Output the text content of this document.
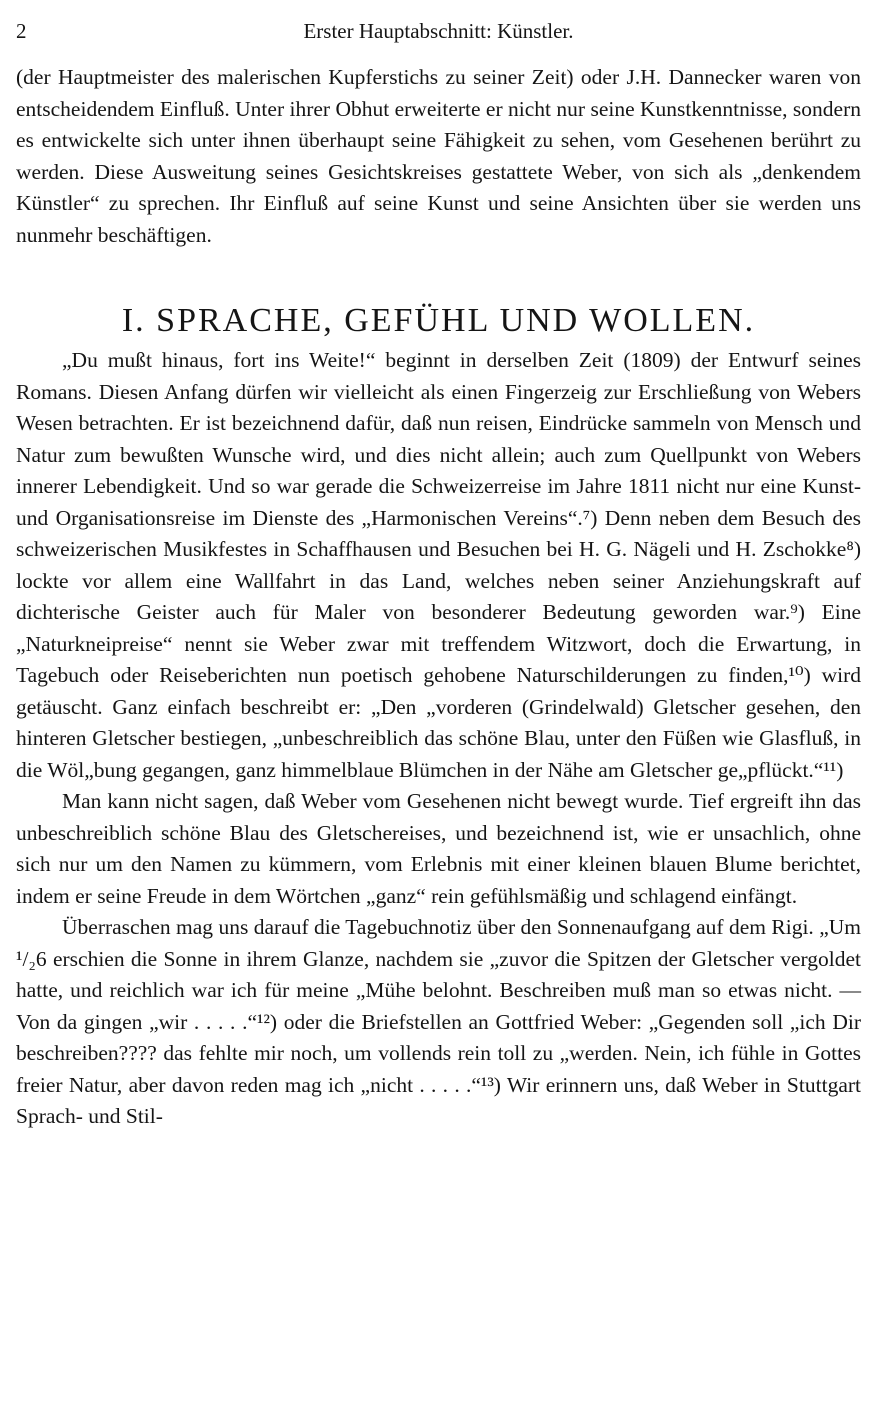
2	Erster Hauptabschnitt: Künstler.

(der Hauptmeister des malerischen Kupferstichs zu seiner Zeit) oder J.H. Dannecker waren von entscheidendem Einfluß. Unter ihrer Obhut erweiterte er nicht nur seine Kunstkenntnisse, sondern es entwickelte sich unter ihnen überhaupt seine Fähigkeit zu sehen, vom Gesehenen berührt zu werden. Diese Ausweitung seines Gesichtskreises gestattete Weber, von sich als „denkendem Künstler“ zu sprechen. Ihr Einfluß auf seine Kunst und seine Ansichten über sie werden uns nunmehr beschäftigen.

I. SPRACHE, GEFÜHL UND WOLLEN.

„Du mußt hinaus, fort ins Weite!“ beginnt in derselben Zeit (1809) der Entwurf seines Romans. Diesen Anfang dürfen wir vielleicht als einen Fingerzeig zur Erschließung von Webers Wesen betrachten. Er ist bezeichnend dafür, daß nun reisen, Eindrücke sammeln von Mensch und Natur zum bewußten Wunsche wird, und dies nicht allein; auch zum Quellpunkt von Webers innerer Lebendigkeit. Und so war gerade die Schweizerreise im Jahre 1811 nicht nur eine Kunst- und Organisationsreise im Dienste des „Harmonischen Vereins“.⁷) Denn neben dem Besuch des schweizerischen Musikfestes in Schaffhausen und Besuchen bei H. G. Nägeli und H. Zschokke⁸) lockte vor allem eine Wallfahrt in das Land, welches neben seiner Anziehungskraft auf dichterische Geister auch für Maler von besonderer Bedeutung geworden war.⁹) Eine „Naturkneipreise“ nennt sie Weber zwar mit treffendem Witzwort, doch die Erwartung, in Tagebuch oder Reiseberichten nun poetisch gehobene Naturschilderungen zu finden,¹⁰) wird getäuscht. Ganz einfach beschreibt er: „Den „vorderen (Grindelwald) Gletscher gesehen, den hinteren Gletscher bestiegen, „unbeschreiblich das schöne Blau, unter den Füßen wie Glasfluß, in die Wöl„bung gegangen, ganz himmelblaue Blümchen in der Nähe am Gletscher ge„pflückt.“¹¹)

Man kann nicht sagen, daß Weber vom Gesehenen nicht bewegt wurde. Tief ergreift ihn das unbeschreiblich schöne Blau des Gletschereises, und bezeichnend ist, wie er unsachlich, ohne sich nur um den Namen zu kümmern, vom Erlebnis mit einer kleinen blauen Blume berichtet, indem er seine Freude in dem Wörtchen „ganz“ rein gefühlsmäßig und schlagend einfängt.

Überraschen mag uns darauf die Tagebuchnotiz über den Sonnenaufgang auf dem Rigi. „Um ¹/₂6 erschien die Sonne in ihrem Glanze, nachdem sie „zuvor die Spitzen der Gletscher vergoldet hatte, und reichlich war ich für meine „Mühe belohnt. Beschreiben muß man so etwas nicht. — Von da gingen „wir . . . . .“¹²) oder die Briefstellen an Gottfried Weber: „Gegenden soll „ich Dir beschreiben???? das fehlte mir noch, um vollends rein toll zu „werden. Nein, ich fühle in Gottes freier Natur, aber davon reden mag ich „nicht . . . . .“¹³) Wir erinnern uns, daß Weber in Stuttgart Sprach- und Stil-
